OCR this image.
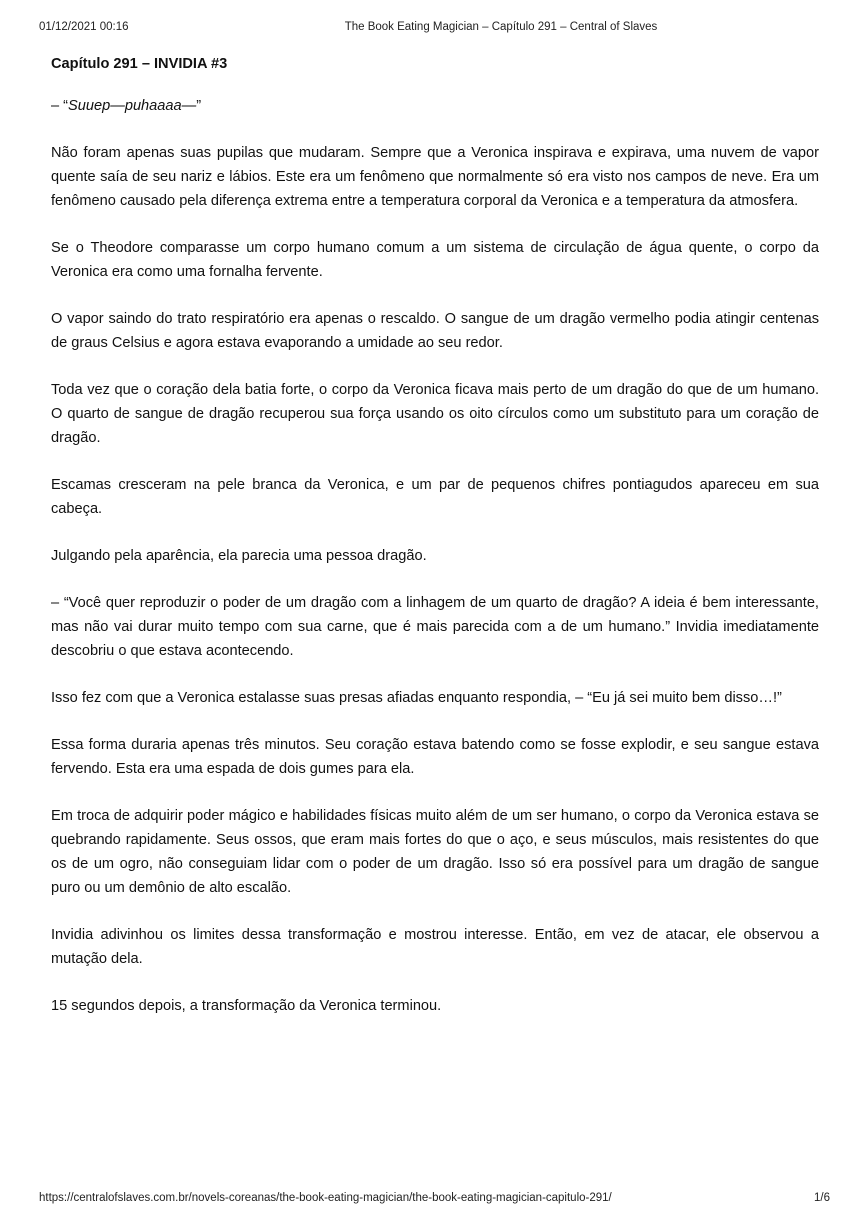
01/12/2021 00:16	The Book Eating Magician – Capítulo 291 – Central of Slaves
Capítulo 291 – INVIDIA #3

– “Suuep—puhaaaa—”

Não foram apenas suas pupilas que mudaram. Sempre que a Veronica inspirava e expirava, uma nuvem de vapor quente saía de seu nariz e lábios. Este era um fenômeno que normalmente só era visto nos campos de neve. Era um fenômeno causado pela diferença extrema entre a temperatura corporal da Veronica e a temperatura da atmosfera.

Se o Theodore comparasse um corpo humano comum a um sistema de circulação de água quente, o corpo da Veronica era como uma fornalha fervente.

O vapor saindo do trato respiratório era apenas o rescaldo. O sangue de um dragão vermelho podia atingir centenas de graus Celsius e agora estava evaporando a umidade ao seu redor.

Toda vez que o coração dela batia forte, o corpo da Veronica ficava mais perto de um dragão do que de um humano. O quarto de sangue de dragão recuperou sua força usando os oito círculos como um substituto para um coração de dragão.

Escamas cresceram na pele branca da Veronica, e um par de pequenos chifres pontiagudos apareceu em sua cabeça.

Julgando pela aparência, ela parecia uma pessoa dragão.

– “Você quer reproduzir o poder de um dragão com a linhagem de um quarto de dragão? A ideia é bem interessante, mas não vai durar muito tempo com sua carne, que é mais parecida com a de um humano.” Invidia imediatamente descobriu o que estava acontecendo.

Isso fez com que a Veronica estalasse suas presas afiadas enquanto respondia, – “Eu já sei muito bem disso…!”

Essa forma duraria apenas três minutos. Seu coração estava batendo como se fosse explodir, e seu sangue estava fervendo. Esta era uma espada de dois gumes para ela.

Em troca de adquirir poder mágico e habilidades físicas muito além de um ser humano, o corpo da Veronica estava se quebrando rapidamente. Seus ossos, que eram mais fortes do que o aço, e seus músculos, mais resistentes do que os de um ogro, não conseguiam lidar com o poder de um dragão. Isso só era possível para um dragão de sangue puro ou um demônio de alto escalão.

Invidia adivinhou os limites dessa transformação e mostrou interesse. Então, em vez de atacar, ele observou a mutação dela.

15 segundos depois, a transformação da Veronica terminou.

https://centralofslaves.com.br/novels-coreanas/the-book-eating-magician/the-book-eating-magician-capitulo-291/	1/6
